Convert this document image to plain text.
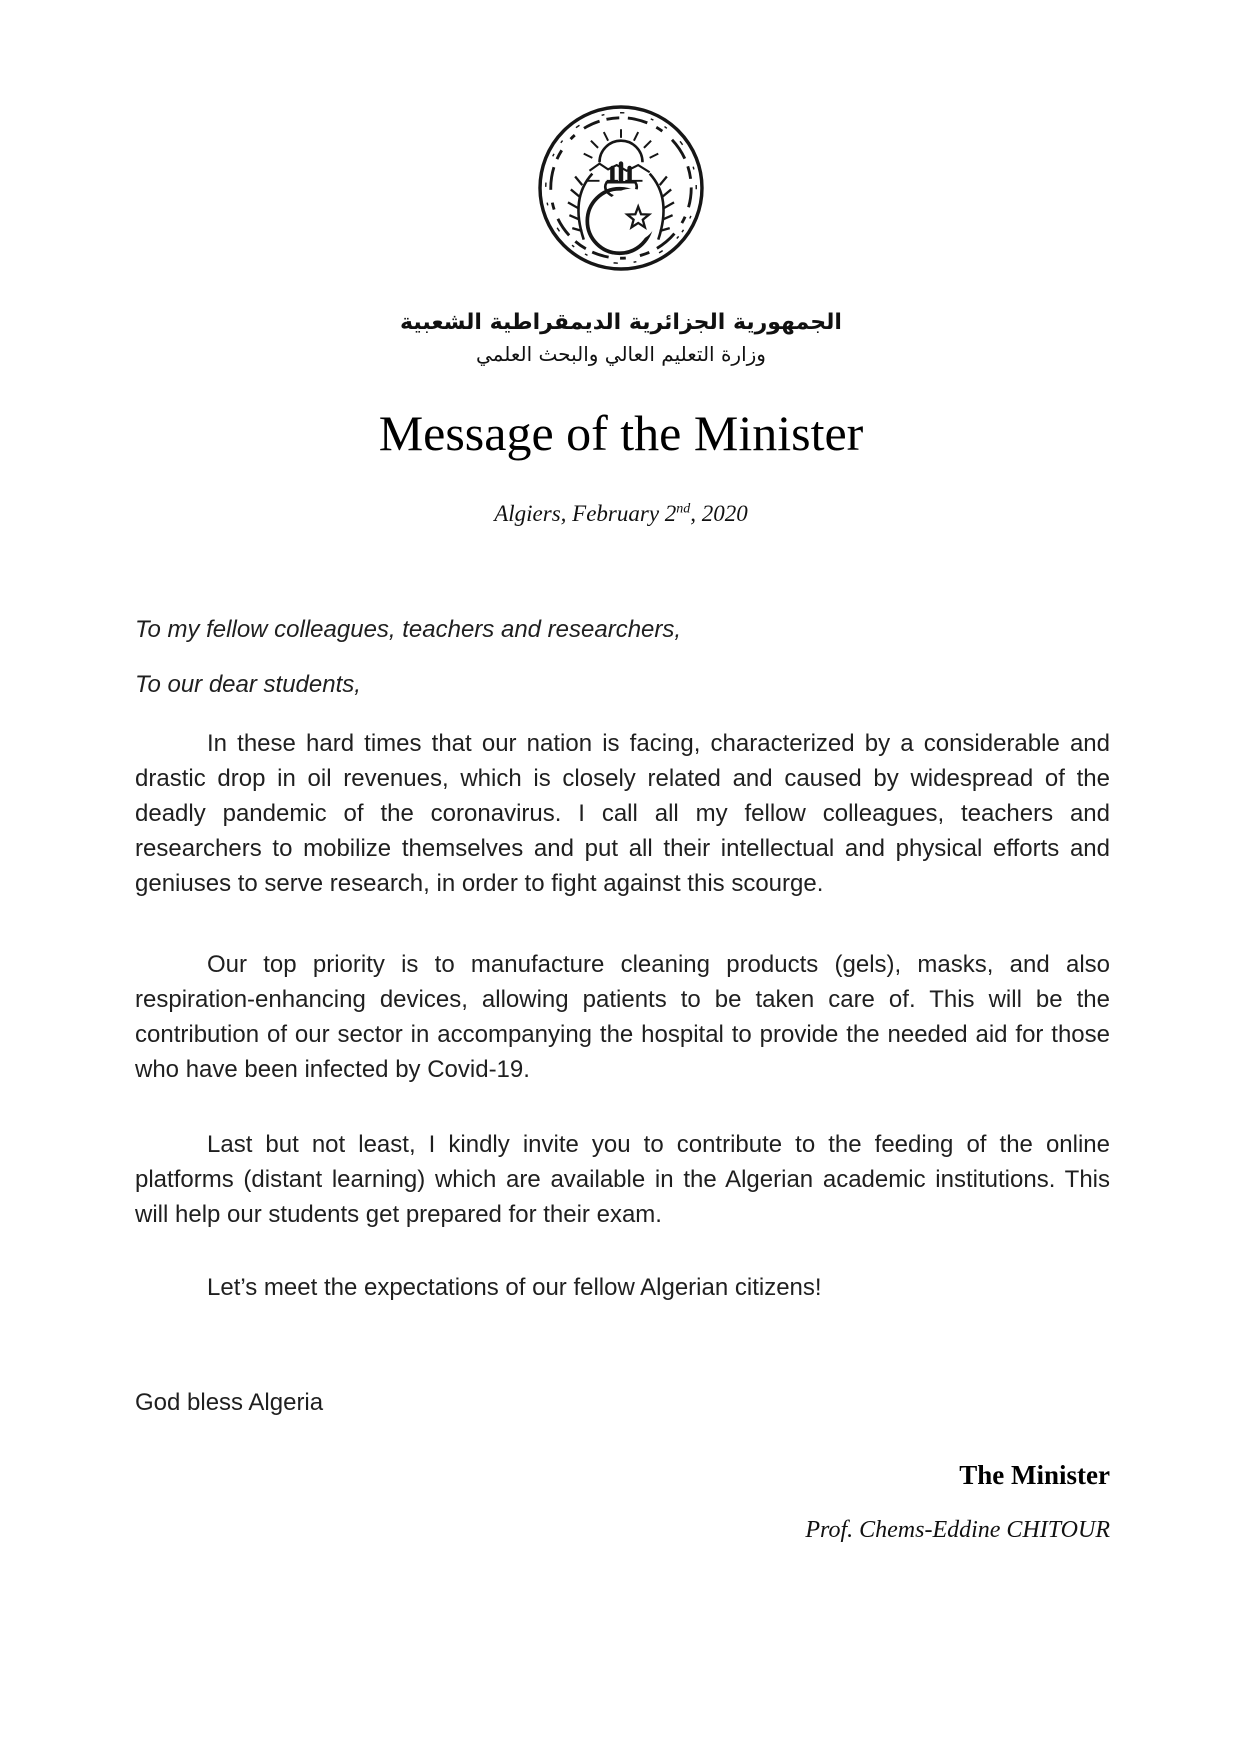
الجمهورية الجزائرية الديمقراطية الشعبية
وزارة التعليم العالي والبحث العلمي
Message of the Minister
Algiers, February 2nd, 2020
To my fellow colleagues, teachers and researchers,
To our dear students,

In these hard times that our nation is facing, characterized by a considerable and drastic drop in oil revenues, which is closely related and caused by widespread of the deadly pandemic of the coronavirus. I call all my fellow colleagues, teachers and researchers to mobilize themselves and put all their intellectual and physical efforts and geniuses to serve research, in order to fight against this scourge.

Our top priority is to manufacture cleaning products (gels), masks, and also respiration-enhancing devices, allowing patients to be taken care of. This will be the contribution of our sector in accompanying the hospital to provide the needed aid for those who have been infected by Covid-19.

Last but not least, I kindly invite you to contribute to the feeding of the online platforms (distant learning) which are available in the Algerian academic institutions. This will help our students get prepared for their exam.

Let’s meet the expectations of our fellow Algerian citizens!
God bless Algeria
The Minister
Prof. Chems-Eddine CHITOUR
